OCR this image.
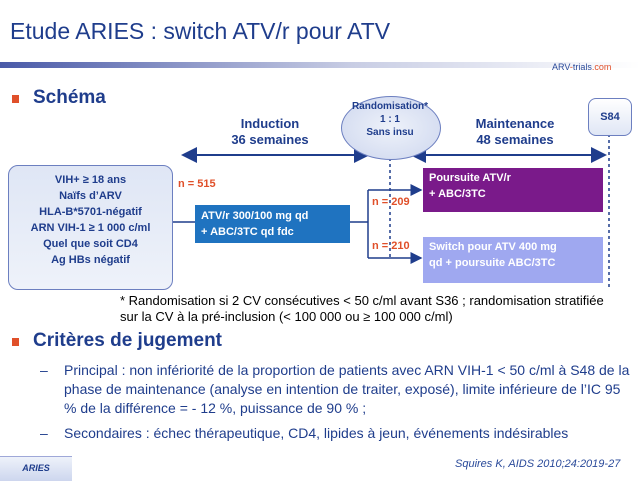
Etude ARIES : switch ATV/r pour ATV
ARV-trials.com
Schéma
Induction
36 semaines
Randomisation*
1 : 1
Sans insu
Maintenance
48 semaines
S84
VIH+ ≥ 18 ans
Naïfs d’ARV
HLA-B*5701-négatif
ARN VIH-1 ≥ 1 000 c/ml
Quel que soit CD4
Ag HBs négatif
n = 515
n = 209
n = 210
ATV/r 300/100 mg qd
+ ABC/3TC qd fdc
Poursuite ATV/r
+ ABC/3TC
Switch pour ATV 400 mg
qd + poursuite ABC/3TC
* Randomisation si 2 CV consécutives < 50 c/ml avant S36 ; randomisation stratifiée sur la CV à la pré-inclusion (< 100 000 ou ≥ 100 000 c/ml)
Critères de jugement
– Principal : non infériorité de la proportion de patients avec ARN VIH-1 < 50 c/ml à S48 de la phase de maintenance (analyse en intention de traiter, exposé), limite inférieure de l’IC 95 % de la différence = - 12 %, puissance de 90 % ;
– Secondaires : échec thérapeutique, CD4, lipides à jeun, événements indésirables
ARIES	Squires K, AIDS 2010;24:2019-27
